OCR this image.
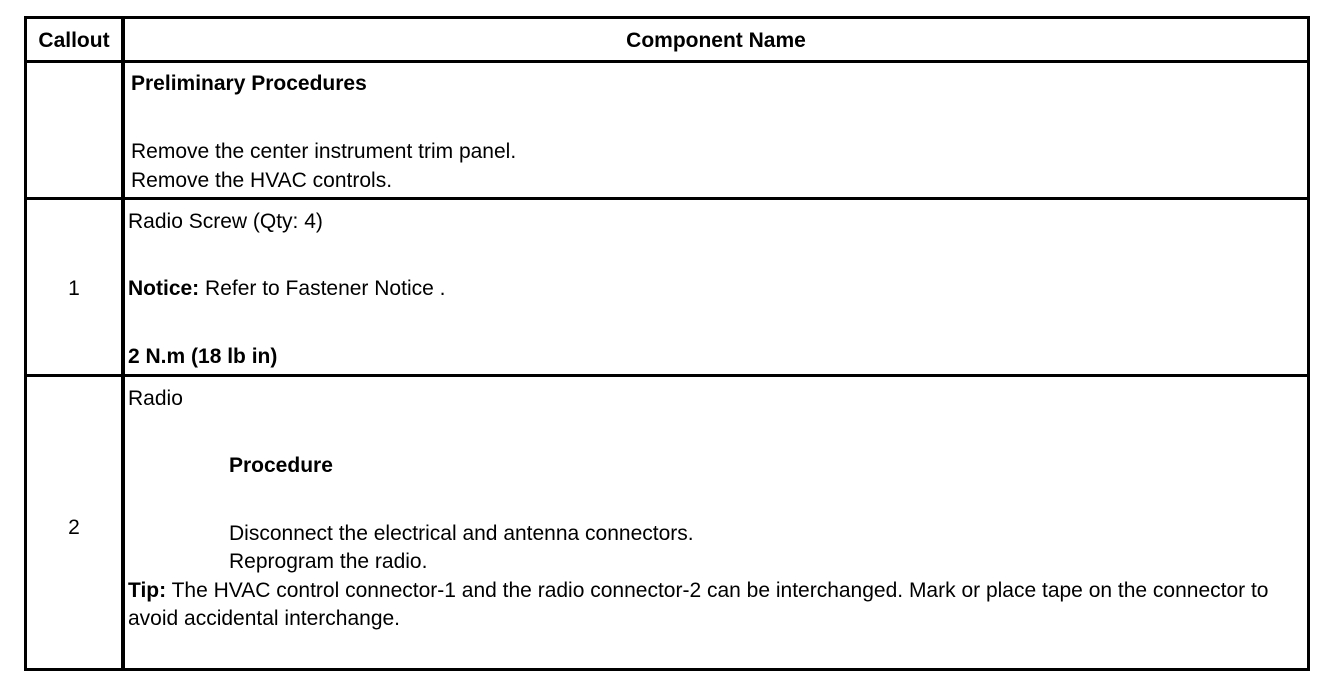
Callout	Component Name
Preliminary Procedures
Remove the center instrument trim panel.
Remove the HVAC controls.
1
Radio Screw (Qty: 4)
Notice: Refer to Fastener Notice .
2 N.m (18 lb in)
2
Radio
Procedure
Disconnect the electrical and antenna connectors.
Reprogram the radio.
Tip: The HVAC control connector-1 and the radio connector-2 can be interchanged. Mark or place tape on the connector to avoid accidental interchange.
